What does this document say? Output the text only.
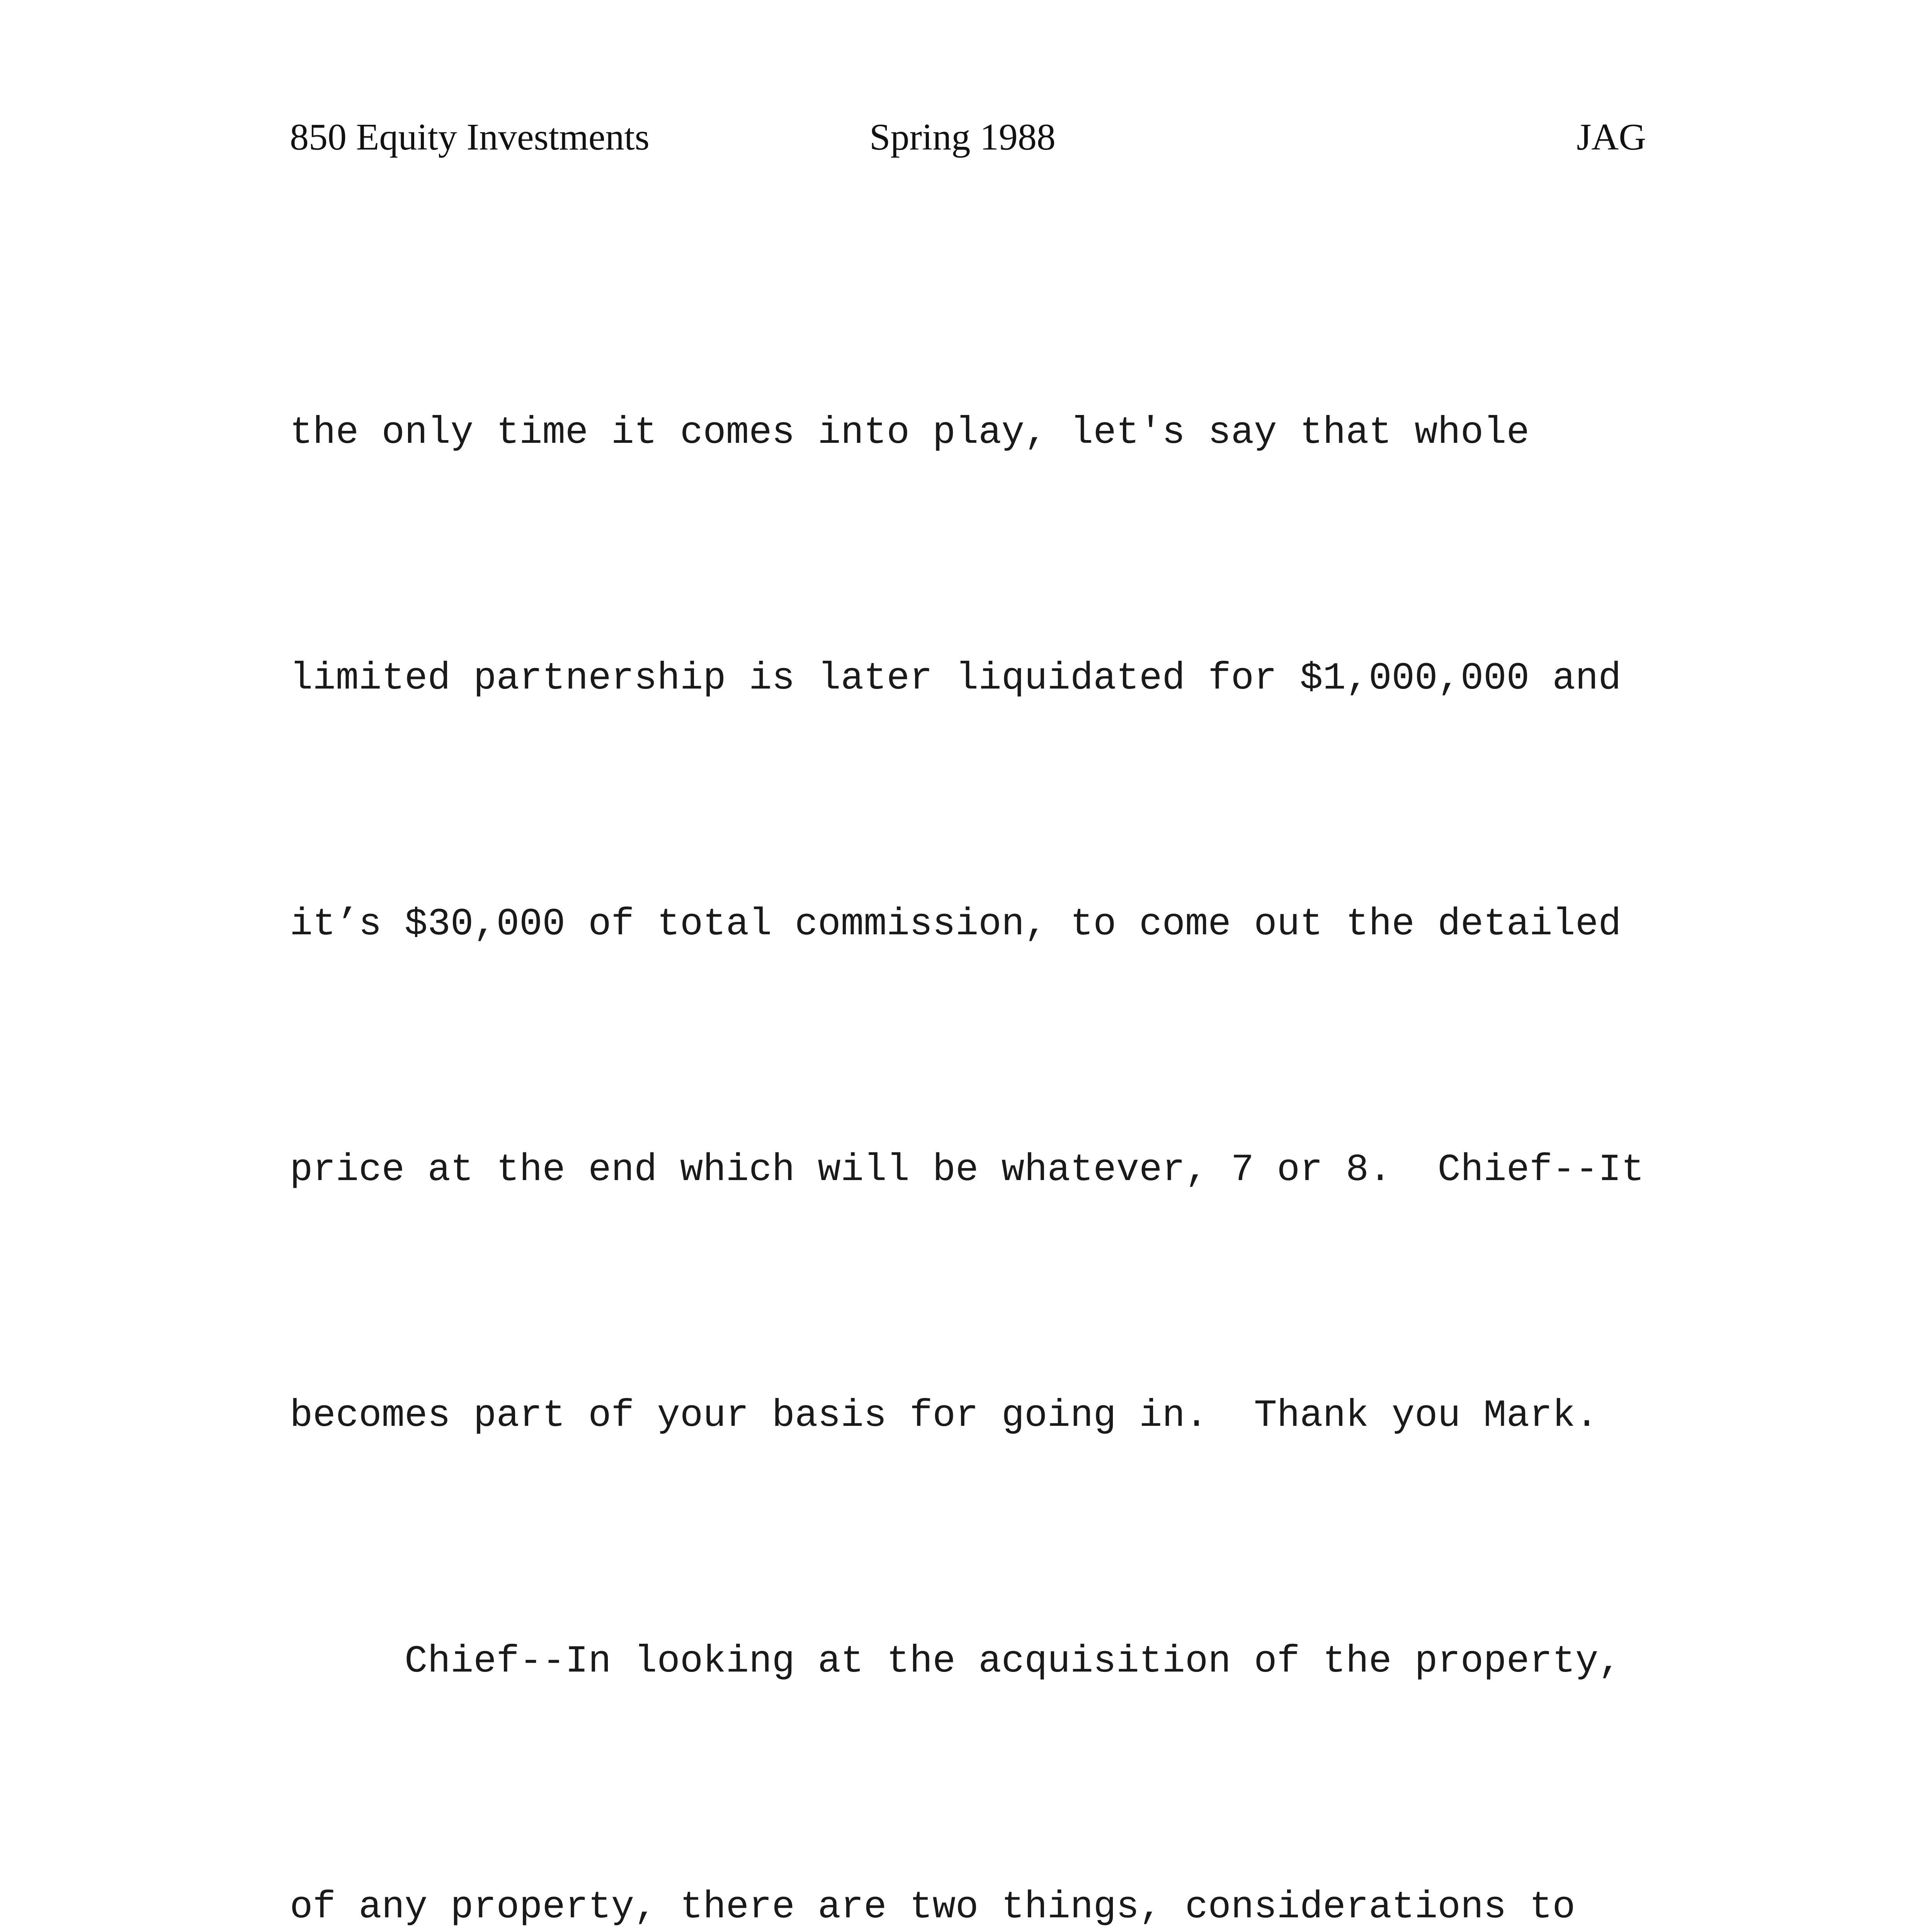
850 Equity Investments	Spring 1988	JAG

the only time it comes into play, let's say that whole

limited partnership is later liquidated for $1,000,000 and

it’s $30,000 of total commission, to come out the detailed

price at the end which will be whatever, 7 or 8.  Chief--It

becomes part of your basis for going in.  Thank you Mark.

Chief--In looking at the acquisition of the property,

of any property, there are two things, considerations to
